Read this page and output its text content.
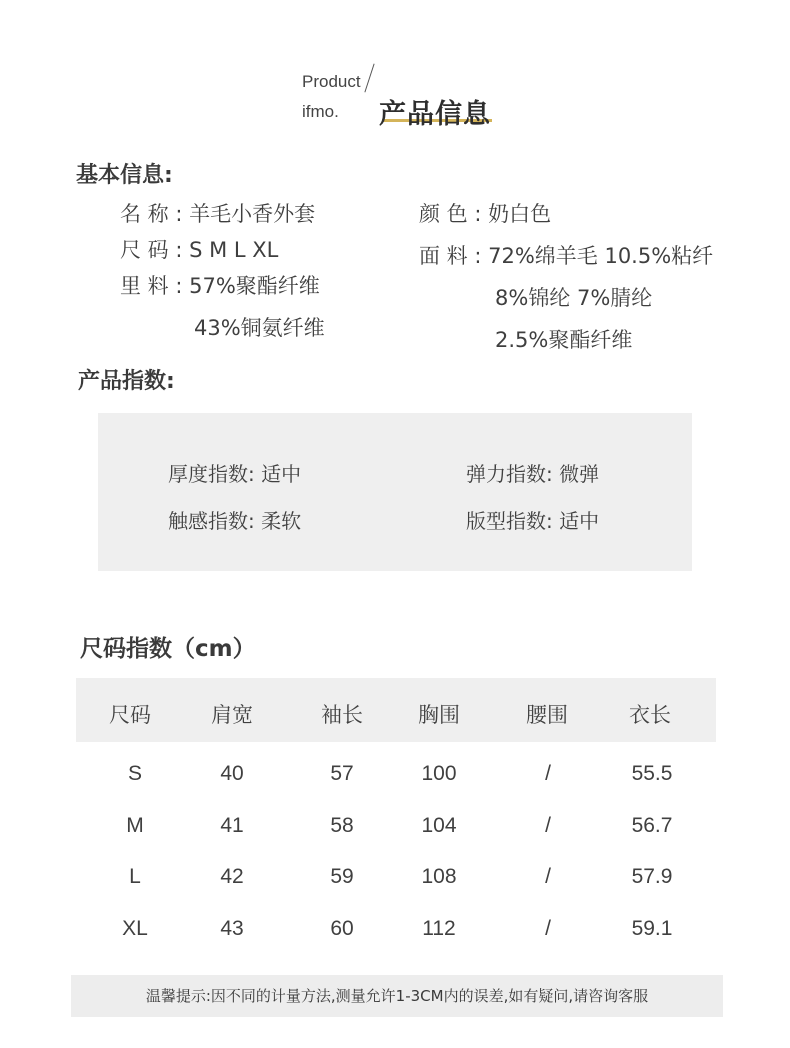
Product
ifmo. 产品信息
基本信息:
名 称 : 羊毛小香外套
尺 码 : S M L XL
里 料 : 57%聚酯纤维
43%铜氨纤维
颜 色 : 奶白色
面 料 : 72%绵羊毛 10.5%粘纤
8%锦纶 7%腈纶
2.5%聚酯纤维
产品指数:
厚度指数: 适中	弹力指数: 微弹
触感指数: 柔软	版型指数: 适中
尺码指数（cm）
尺码	肩宽	袖长	胸围	腰围	衣长
S	40	57	100	/	55.5
M	41	58	104	/	56.7
L	42	59	108	/	57.9
XL	43	60	112	/	59.1
温馨提示:因不同的计量方法,测量允许1-3CM内的误差,如有疑问,请咨询客服
